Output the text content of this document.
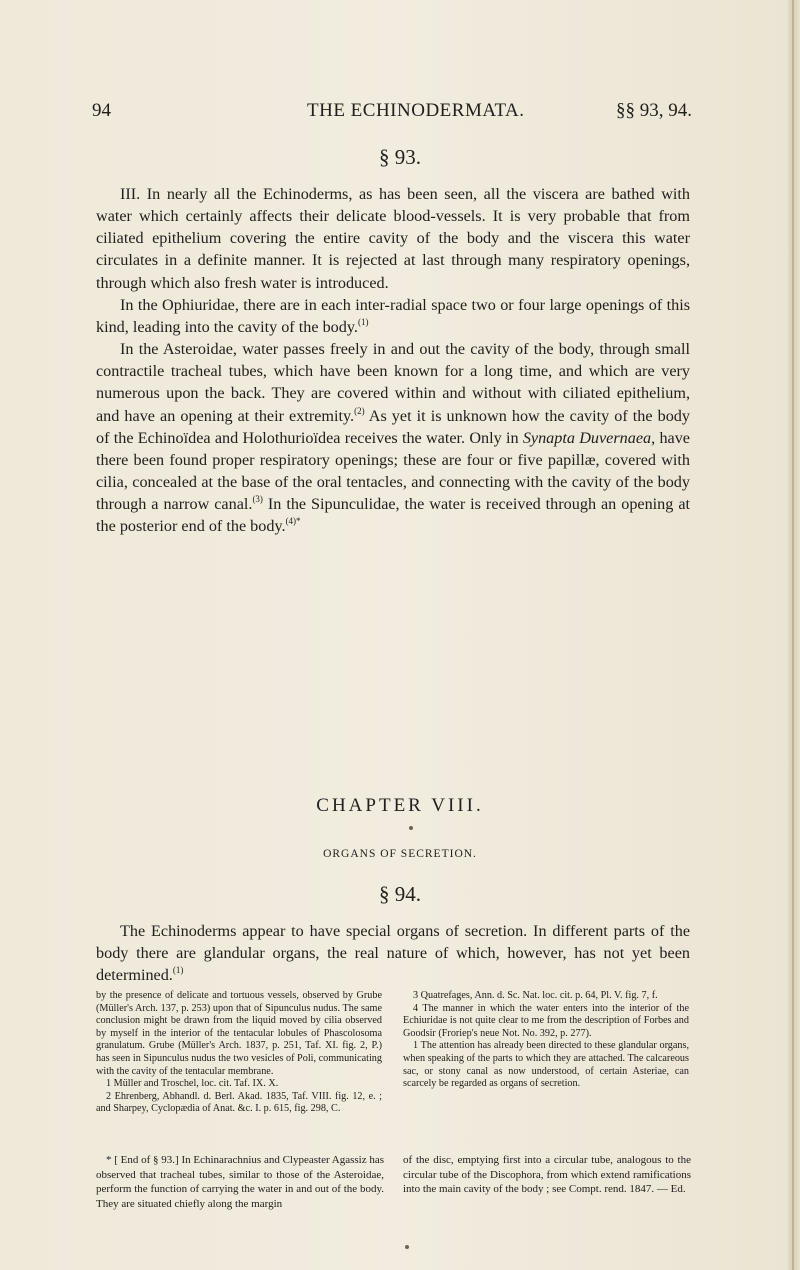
94	THE ECHINODERMATA.	§§ 93, 94.
§ 93.

III. In nearly all the Echinoderms, as has been seen, all the viscera are bathed with water which certainly affects their delicate blood-vessels. It is very probable that from ciliated epithelium covering the entire cavity of the body and the viscera this water circulates in a definite manner. It is rejected at last through many respiratory openings, through which also fresh water is introduced.

In the Ophiuridae, there are in each inter-radial space two or four large openings of this kind, leading into the cavity of the body.$^{(1)}$

In the Asteroidae, water passes freely in and out the cavity of the body, through small contractile tracheal tubes, which have been known for a long time, and which are very numerous upon the back. They are covered within and without with ciliated epithelium, and have an opening at their extremity.$^{(2)}$ As yet it is unknown how the cavity of the body of the Echinoïdea and Holothurioïdea receives the water. Only in Synapta Duvernaea, have there been found proper respiratory openings; these are four or five papillæ, covered with cilia, concealed at the base of the oral tentacles, and connecting with the cavity of the body through a narrow canal.$^{(3)}$ In the Sipunculidae, the water is received through an opening at the posterior end of the body.$^{(4)*}$

CHAPTER VIII.
ORGANS OF SECRETION.
§ 94.

The Echinoderms appear to have special organs of secretion. In different parts of the body there are glandular organs, the real nature of which, however, has not yet been determined.$^{(1)}$

by the presence of delicate and tortuous vessels, observed by Grube (Müller's Arch. 137, p. 253) upon that of Sipunculus nudus. The same conclusion might be drawn from the liquid moved by cilia observed by myself in the interior of the tentacular lobules of Phascolosoma granulatum. Grube (Müller's Arch. 1837, p. 251, Taf. XI. fig. 2, P.) has seen in Sipunculus nudus the two vesicles of Poli, communicating with the cavity of the tentacular membrane.

1 Müller and Troschel, loc. cit. Taf. IX. X.

2 Ehrenberg, Abhandl. d. Berl. Akad. 1835, Taf. VIII. fig. 12, e. ; and Sharpey, Cyclopædia of Anat. &c. I. p. 615, fig. 298, C.

3 Quatrefages, Ann. d. Sc. Nat. loc. cit. p. 64, Pl. V. fig. 7, f.

4 The manner in which the water enters into the interior of the Echiuridae is not quite clear to me from the description of Forbes and Goodsir (Froriep's neue Not. No. 392, p. 277).

1 The attention has already been directed to these glandular organs, when speaking of the parts to which they are attached. The calcareous sac, or stony canal as now understood, of certain Asteriae, can scarcely be regarded as organs of secretion.

* [ End of § 93.] In Echinarachnius and Clypeaster Agassiz has observed that tracheal tubes, similar to those of the Asteroidae, perform the function of carrying the water in and out of the body. They are situated chiefly along the margin

of the disc, emptying first into a circular tube, analogous to the circular tube of the Discophora, from which extend ramifications into the main cavity of the body ; see Compt. rend. 1847. — Ed.
